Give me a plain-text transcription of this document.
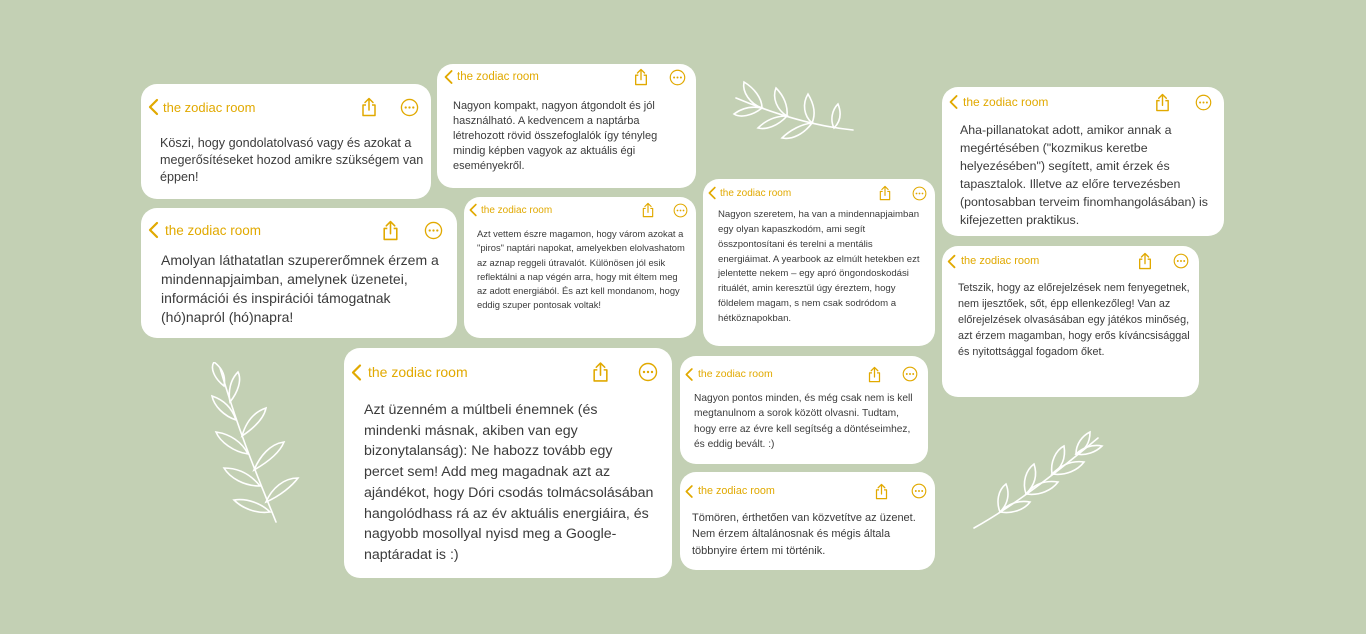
the zodiac room
Köszi, hogy gondolatolvasó vagy és azokat a megerősítéseket hozod amikre szükségem van éppen!
the zodiac room
Amolyan láthatatlan szupererőmnek érzem a mindennapjaimban, amelynek üzenetei, információi és inspirációi támogatnak (hó)napról (hó)napra!
the zodiac room
Nagyon kompakt, nagyon átgondolt és jól használható. A kedvencem a naptárba létrehozott rövid összefoglalók így tényleg mindig képben vagyok az aktuális égi eseményekről.
the zodiac room
Azt vettem észre magamon, hogy várom azokat a "piros" naptári napokat, amelyekben elolvashatom az aznap reggeli útravalót. Különösen jól esik reflektálni a nap végén arra, hogy mit éltem meg az adott energiából. És azt kell mondanom, hogy eddig szuper pontosak voltak!
the zodiac room
Azt üzenném a múltbeli énemnek (és mindenki másnak, akiben van egy bizonytalanság): Ne habozz tovább egy percet sem! Add meg magadnak azt az ajándékot, hogy Dóri csodás tolmácsolásában hangolódhass rá az év aktuális energiáira, és nagyobb mosollyal nyisd meg a Google-naptáradat is :)
the zodiac room
Nagyon szeretem, ha van a mindennapjaimban egy olyan kapaszkodóm, ami segít összpontosítani és terelni a mentális energiáimat. A yearbook az elmúlt hetekben ezt jelentette nekem – egy apró öngondoskodási rituálét, amin keresztül úgy éreztem, hogy földelem magam, s nem csak sodródom a hétköznapokban.
the zodiac room
Nagyon pontos minden, és még csak nem is kell megtanulnom a sorok között olvasni. Tudtam, hogy erre az évre kell segítség a döntéseimhez, és eddig bevált. :)
the zodiac room
Tömören, érthetően van közvetítve az üzenet. Nem érzem általánosnak és mégis általa többnyire értem mi történik.
the zodiac room
Aha-pillanatokat adott, amikor annak a megértésében ("kozmikus keretbe helyezésében") segített, amit érzek és tapasztalok. Illetve az előre tervezésben (pontosabban terveim finomhangolásában) is kifejezetten praktikus.
the zodiac room
Tetszik, hogy az előrejelzések nem fenyegetnek, nem ijesztőek, sőt, épp ellenkezőleg! Van az előrejelzések olvasásában egy játékos minőség, azt érzem magamban, hogy erős kíváncsisággal és nyitottsággal fogadom őket.
